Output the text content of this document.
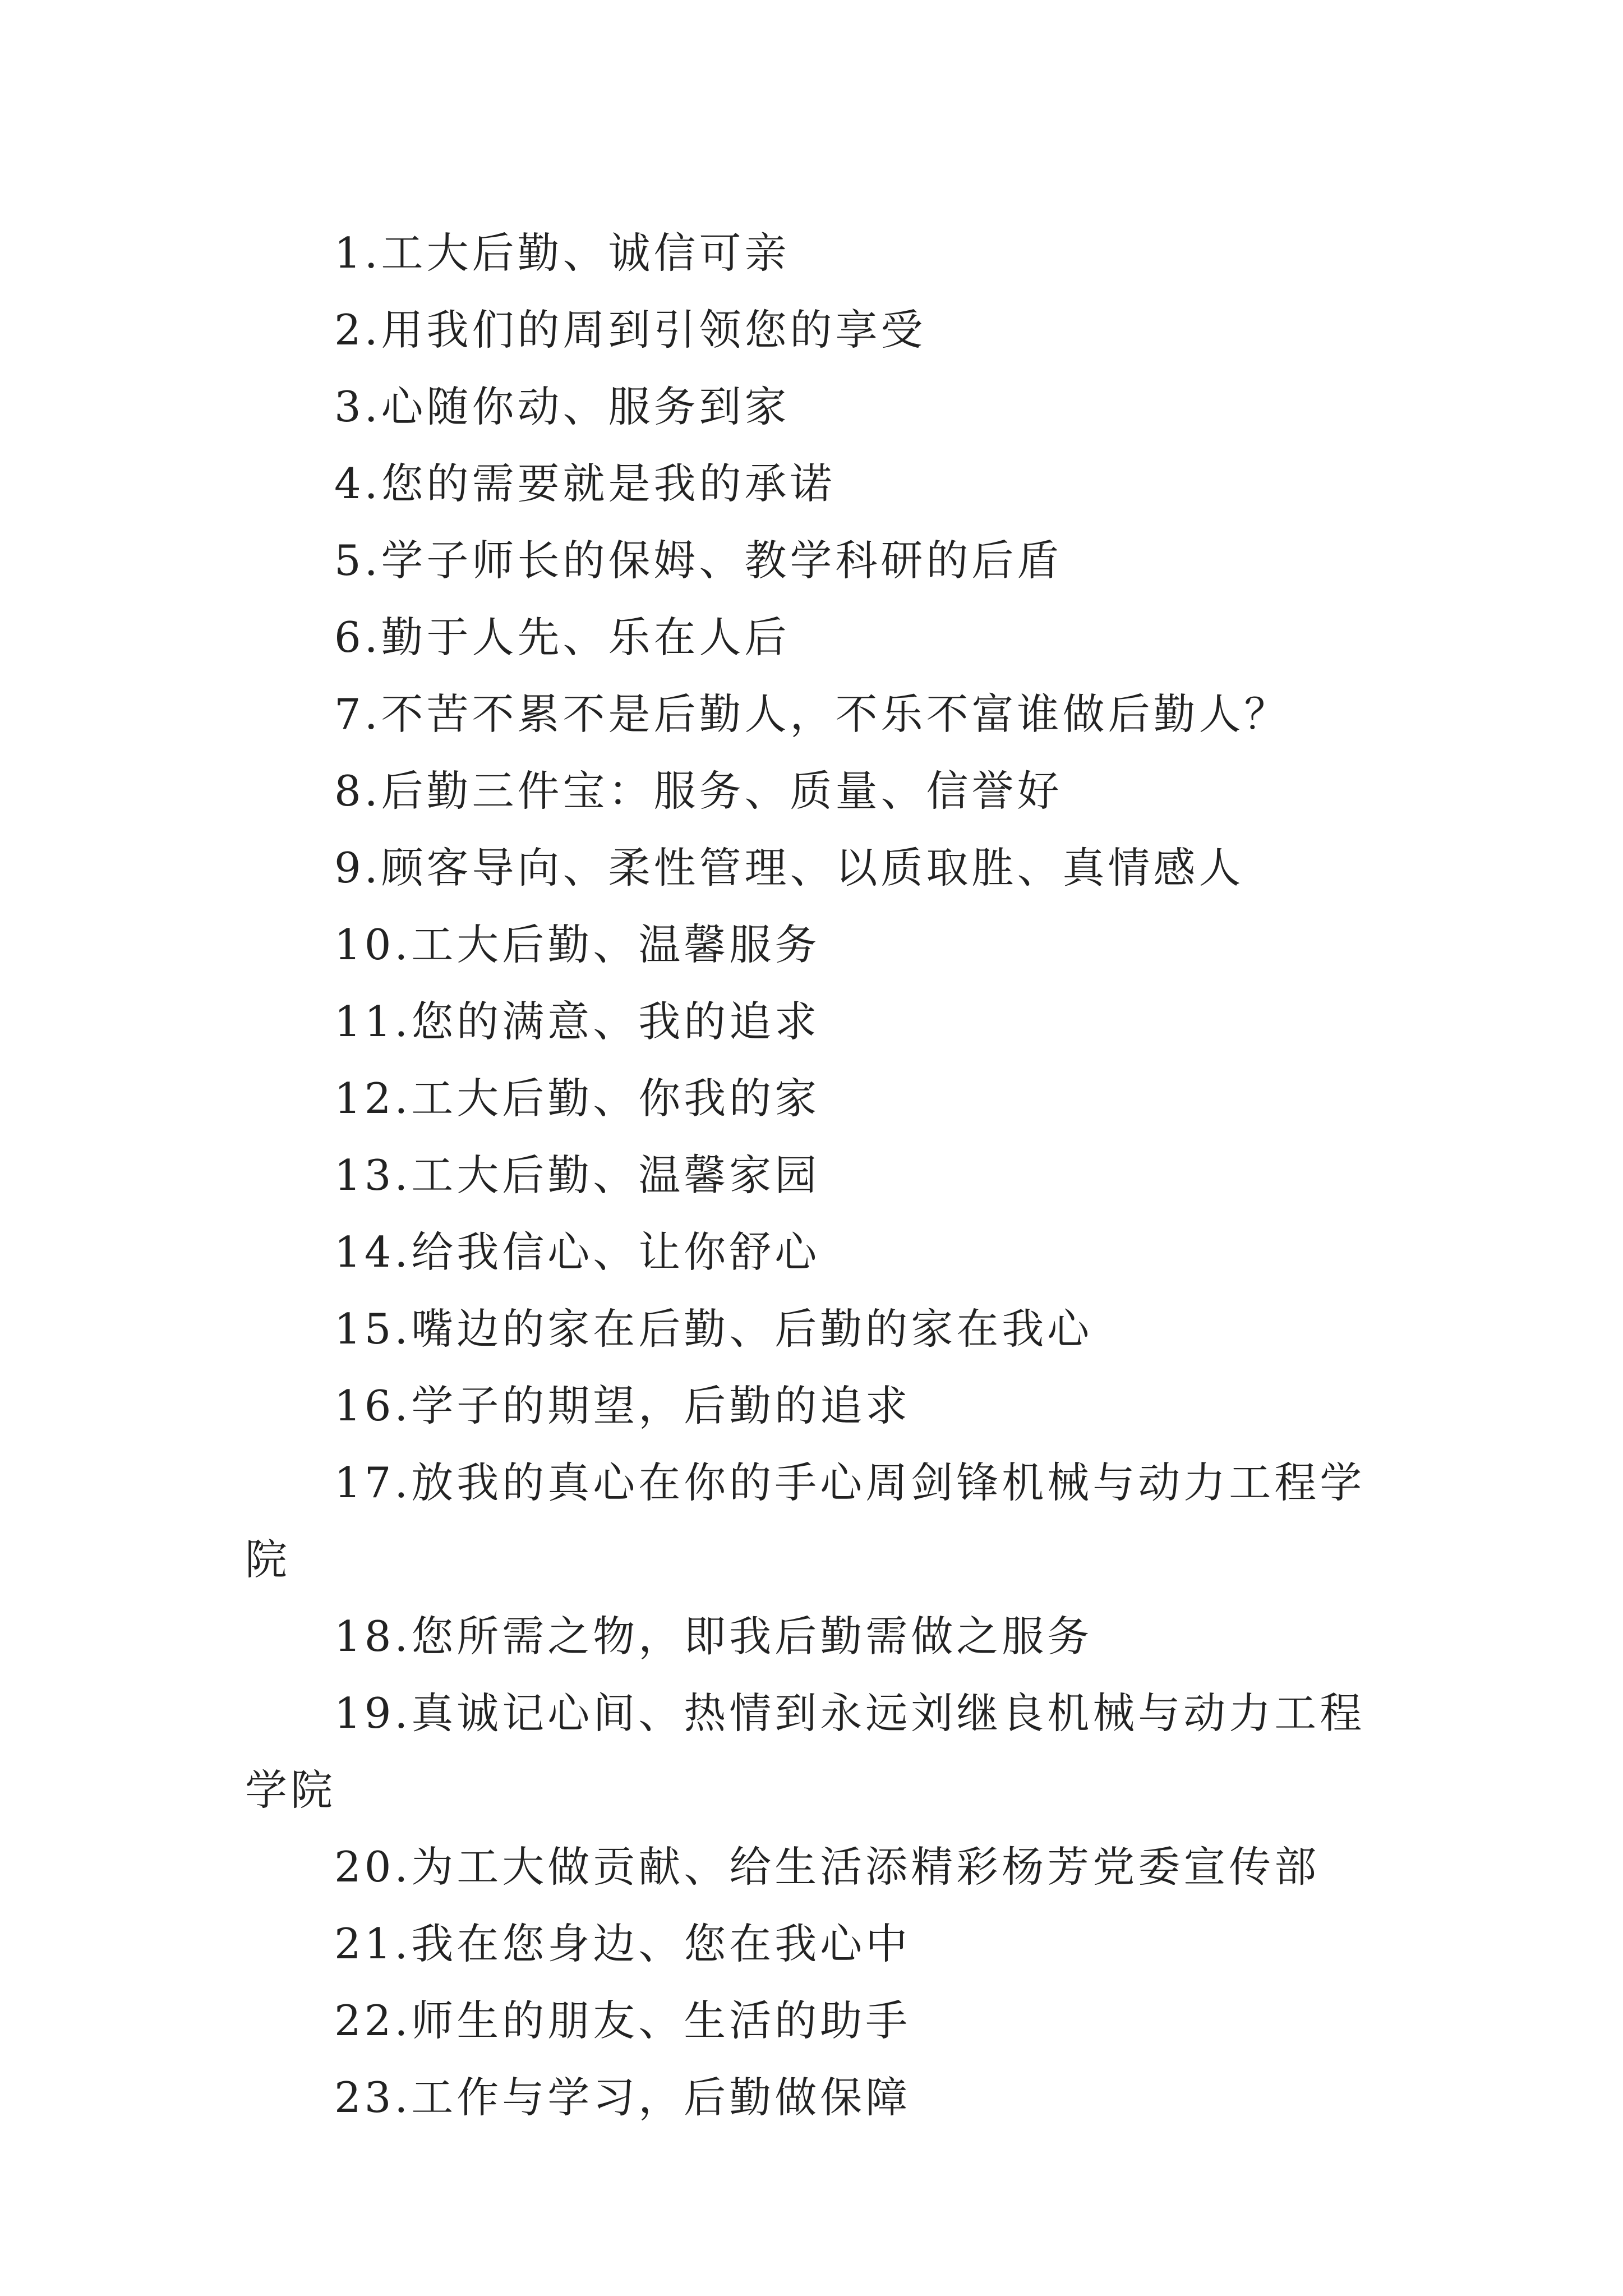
1.工大后勤、诚信可亲

2.用我们的周到引领您的享受

3.心随你动、服务到家

4.您的需要就是我的承诺

5.学子师长的保姆、教学科研的后盾

6.勤于人先、乐在人后

7.不苦不累不是后勤人，不乐不富谁做后勤人？

8.后勤三件宝：服务、质量、信誉好

9.顾客导向、柔性管理、以质取胜、真情感人

10.工大后勤、温馨服务

11.您的满意、我的追求

12.工大后勤、你我的家

13.工大后勤、温馨家园

14.给我信心、让你舒心

15.嘴边的家在后勤、后勤的家在我心

16.学子的期望，后勤的追求

17.放我的真心在你的手心周剑锋机械与动力工程学院

18.您所需之物，即我后勤需做之服务

19.真诚记心间、热情到永远刘继良机械与动力工程学院

20.为工大做贡献、给生活添精彩杨芳党委宣传部

21.我在您身边、您在我心中

22.师生的朋友、生活的助手

23.工作与学习，后勤做保障
